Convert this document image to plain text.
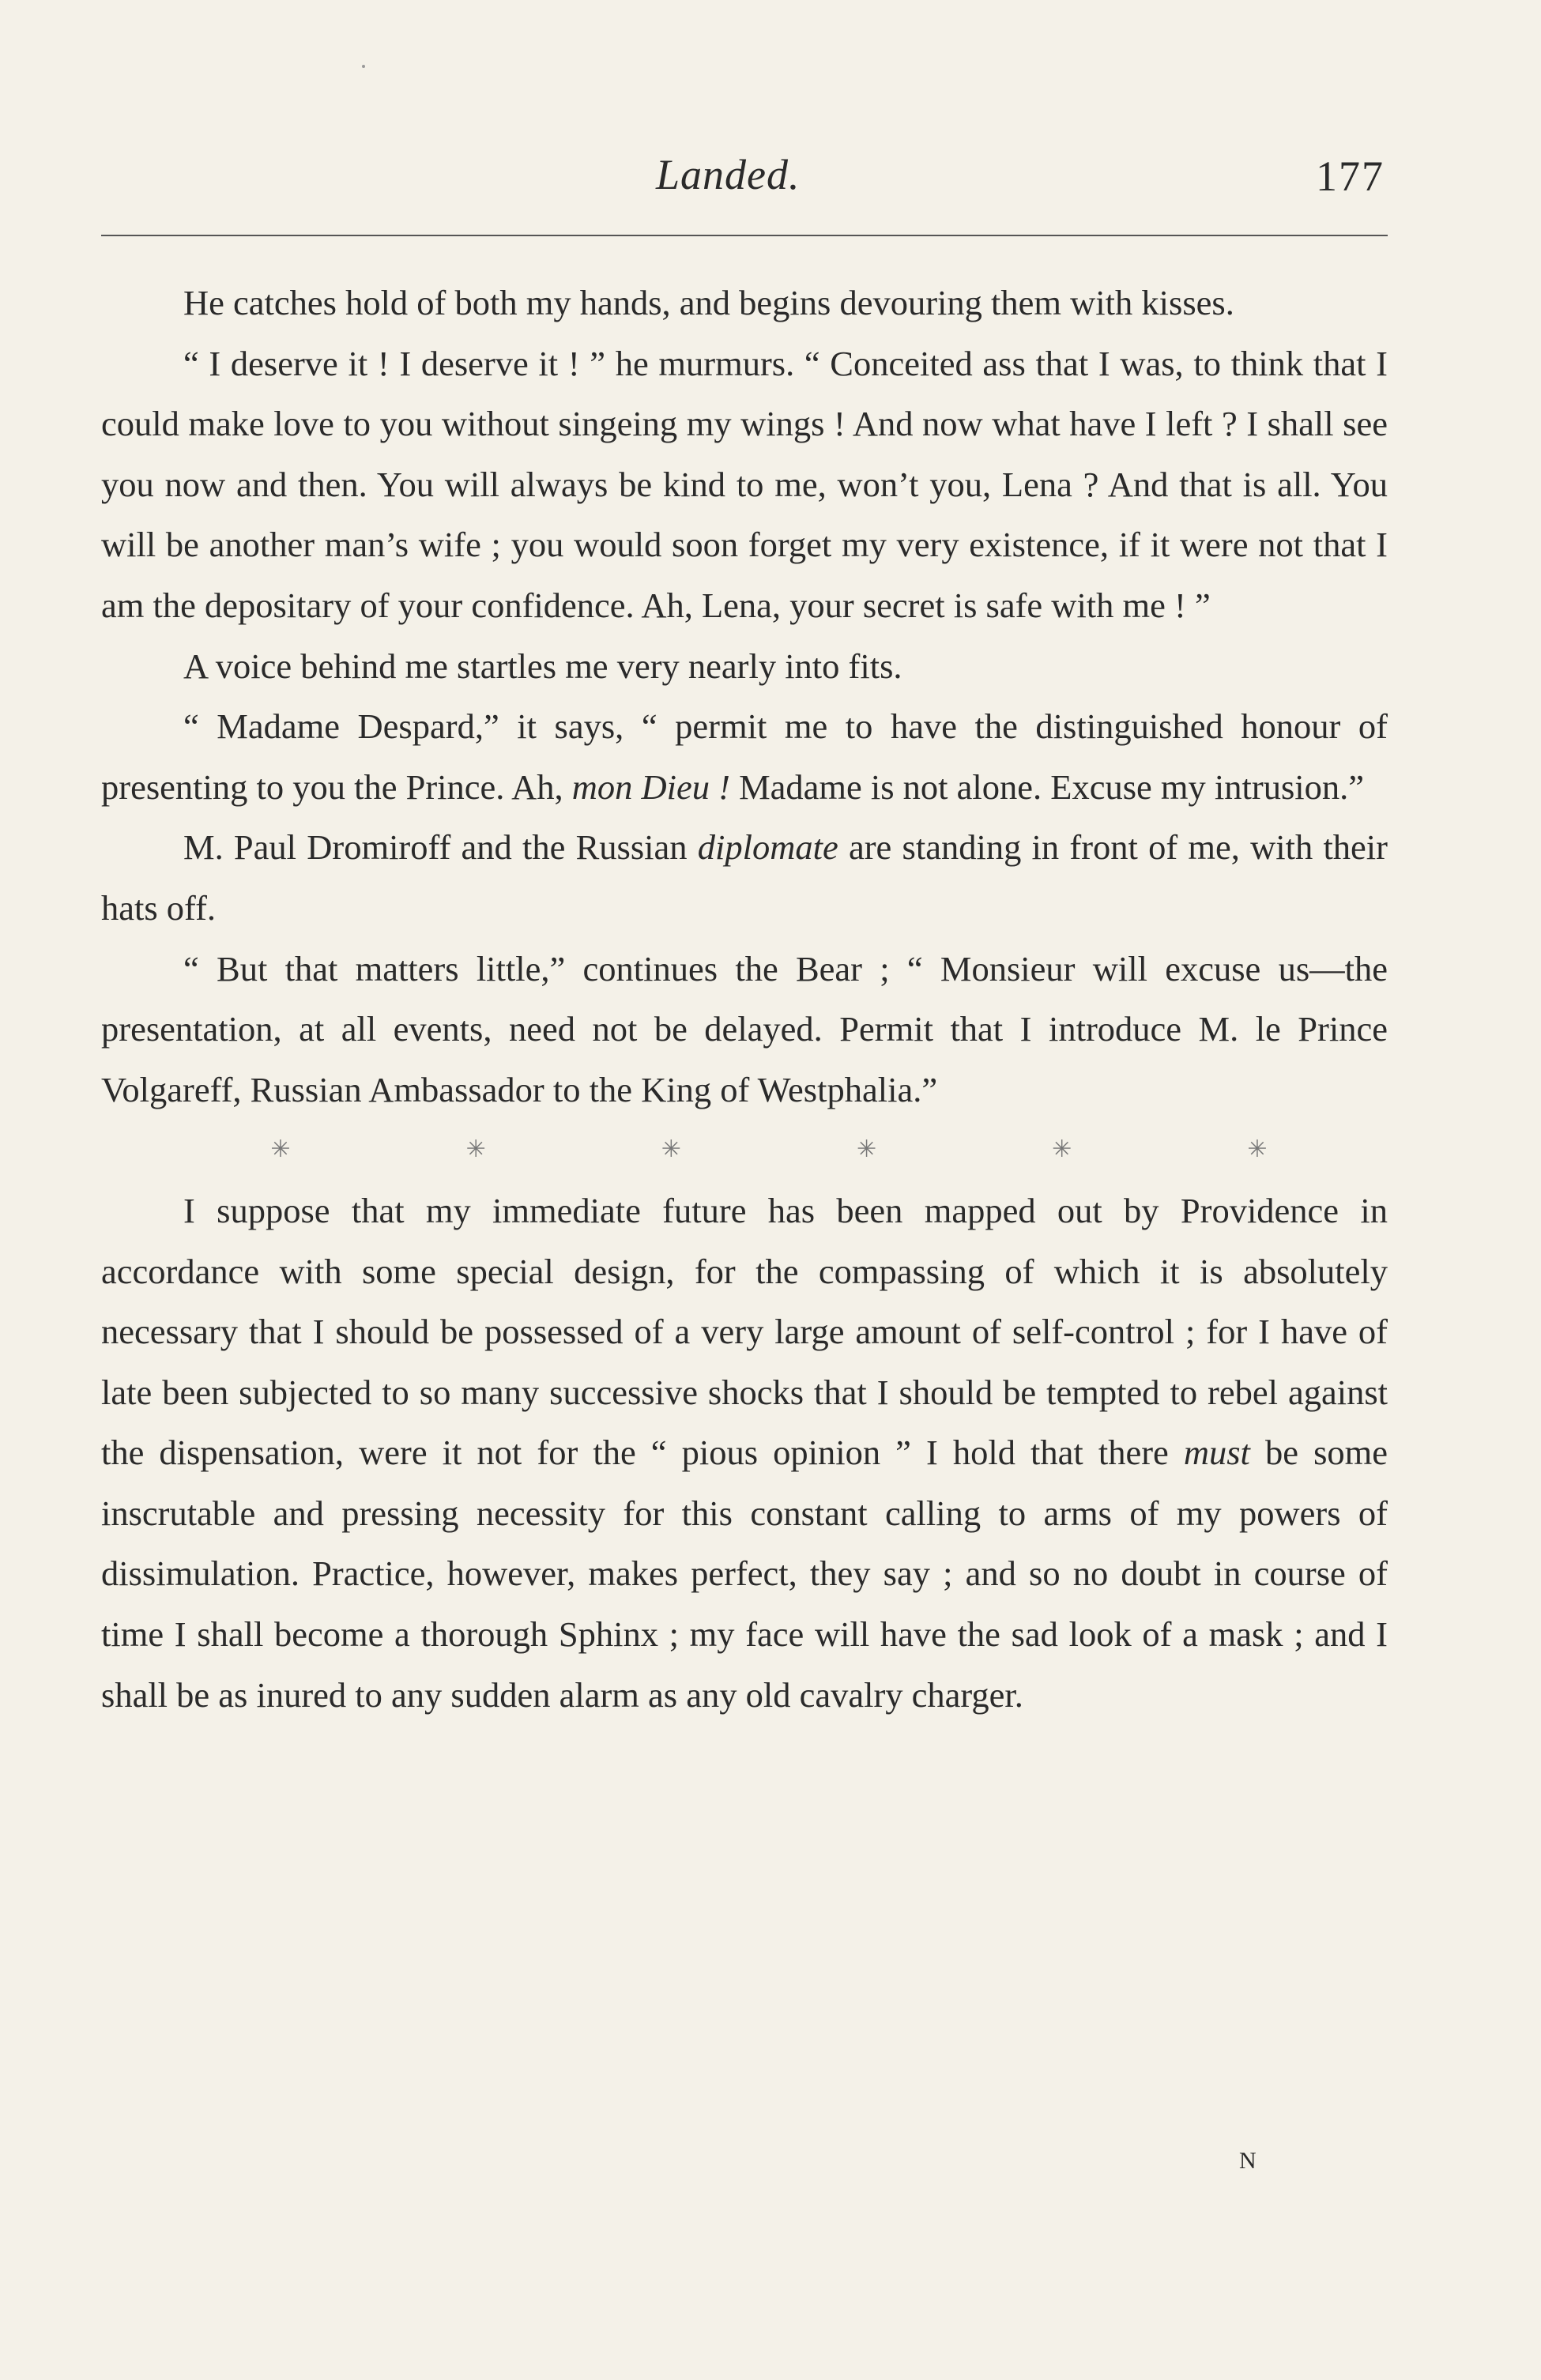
Landed.	177

He catches hold of both my hands, and begins devouring them with kisses.

“ I deserve it ! I deserve it ! ” he murmurs. “ Conceited ass that I was, to think that I could make love to you without singeing my wings ! And now what have I left ? I shall see you now and then. You will always be kind to me, won’t you, Lena ? And that is all. You will be another man’s wife ; you would soon forget my very existence, if it were not that I am the depositary of your confidence. Ah, Lena, your secret is safe with me ! ”

A voice behind me startles me very nearly into fits.

“ Madame Despard,” it says, “ permit me to have the distinguished honour of presenting to you the Prince. Ah, mon Dieu ! Madame is not alone. Excuse my intrusion.”

M. Paul Dromiroff and the Russian diplomate are standing in front of me, with their hats off.

“ But that matters little,” continues the Bear ; “ Monsieur will excuse us—the presentation, at all events, need not be delayed. Permit that I introduce M. le Prince Volgareff, Russian Ambassador to the King of Westphalia.”

✳	✳	✳	✳	✳	✳

I suppose that my immediate future has been mapped out by Providence in accordance with some special design, for the compassing of which it is absolutely necessary that I should be possessed of a very large amount of self-control ; for I have of late been subjected to so many successive shocks that I should be tempted to rebel against the dispensation, were it not for the “ pious opinion ” I hold that there must be some inscrutable and pressing necessity for this constant calling to arms of my powers of dissimulation. Practice, however, makes perfect, they say ; and so no doubt in course of time I shall become a thorough Sphinx ; my face will have the sad look of a mask ; and I shall be as inured to any sudden alarm as any old cavalry charger.

N
